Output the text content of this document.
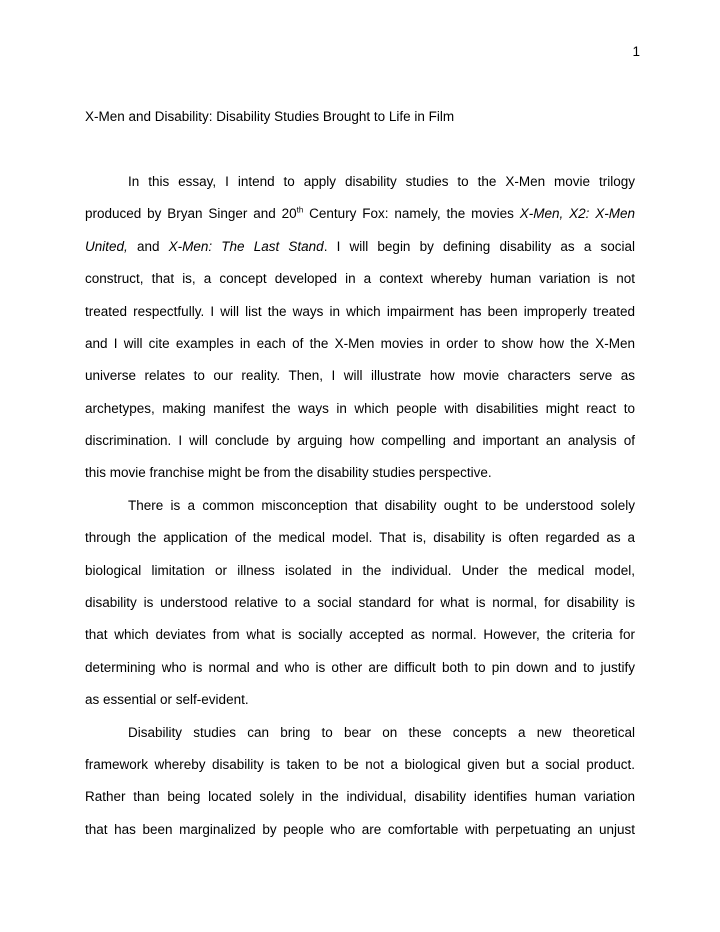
1
X-Men and Disability: Disability Studies Brought to Life in Film
In this essay, I intend to apply disability studies to the X-Men movie trilogy
produced by Bryan Singer and 20th Century Fox: namely, the movies X-Men, X2: X-Men
United, and X-Men: The Last Stand. I will begin by defining disability as a social
construct, that is, a concept developed in a context whereby human variation is not
treated respectfully. I will list the ways in which impairment has been improperly treated
and I will cite examples in each of the X-Men movies in order to show how the X-Men
universe relates to our reality. Then, I will illustrate how movie characters serve as
archetypes, making manifest the ways in which people with disabilities might react to
discrimination. I will conclude by arguing how compelling and important an analysis of
this movie franchise might be from the disability studies perspective.
There is a common misconception that disability ought to be understood solely
through the application of the medical model. That is, disability is often regarded as a
biological limitation or illness isolated in the individual. Under the medical model,
disability is understood relative to a social standard for what is normal, for disability is
that which deviates from what is socially accepted as normal. However, the criteria for
determining who is normal and who is other are difficult both to pin down and to justify
as essential or self-evident.
Disability studies can bring to bear on these concepts a new theoretical
framework whereby disability is taken to be not a biological given but a social product.
Rather than being located solely in the individual, disability identifies human variation
that has been marginalized by people who are comfortable with perpetuating an unjust
